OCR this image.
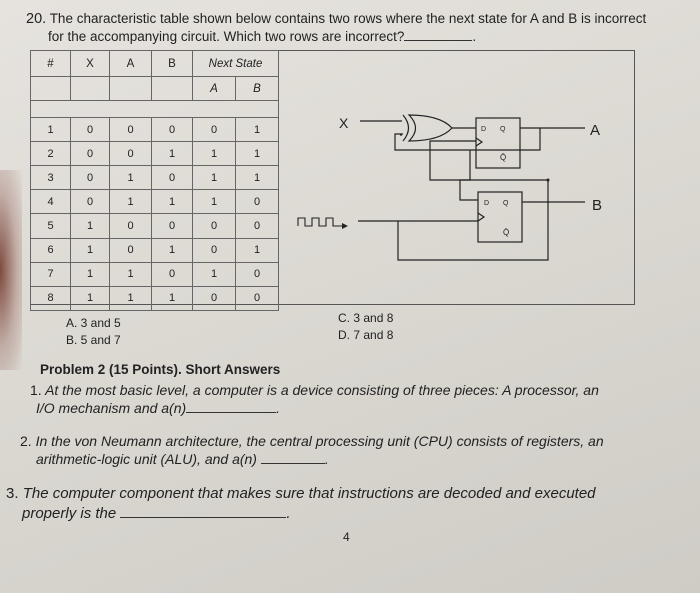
20. The characteristic table shown below contains two rows where the next state for A and B is incorrect
for the accompanying circuit. Which two rows are incorrect?	.
#	X	A	B	Next State	
				A	B

1	0	0	0	0	1
2	0	0	1	1	1
3	0	1	0	1	1
4	0	1	1	1	0
5	1	0	0	0	0
6	1	0	1	0	1
7	1	1	0	1	0
8	1	1	1	0	0
X	A
B
D Q
Q̄
D Q
Q̄
A. 3 and 5
B. 5 and 7
C. 3 and 8
D. 7 and 8
Problem 2 (15 Points). Short Answers
1. At the most basic level, a computer is a device consisting of three pieces: A processor, an
I/O mechanism and a(n)	.
2. In the von Neumann architecture, the central processing unit (CPU) consists of registers, an
arithmetic-logic unit (ALU), and a(n)	.
3. The computer component that makes sure that instructions are decoded and executed
properly is the	.
4
